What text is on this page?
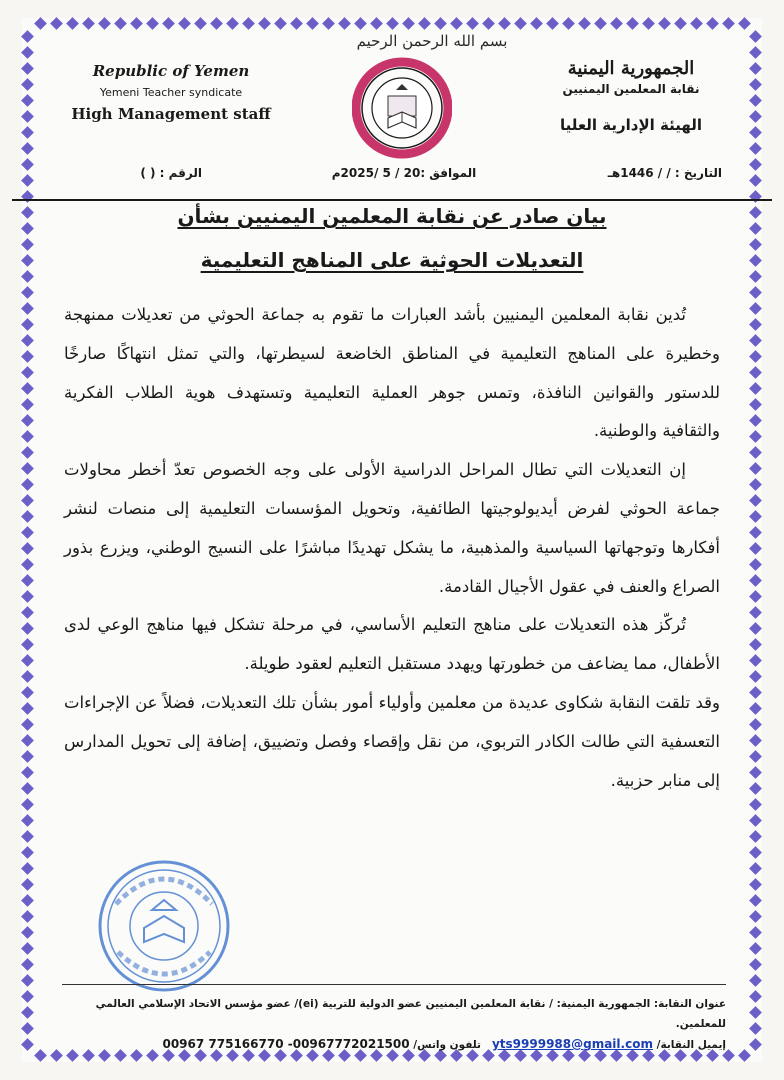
بسم الله الرحمن الرحيم
Republic of Yemen
Yemeni Teacher syndicate
High Management staff
الجمهورية اليمنية
نقابة المعلمين اليمنيين
الهيئة الإدارية العليا
التاريخ : / / 1446هـ
الموافق :20 / 5 /2025م
الرقم : ( )
بيان صادر عن نقابة المعلمين اليمنيين بشأن
التعديلات الحوثية على المناهج التعليمية

تُدين نقابة المعلمين اليمنيين بأشد العبارات ما تقوم به جماعة الحوثي من تعديلات ممنهجة وخطيرة على المناهج التعليمية في المناطق الخاضعة لسيطرتها، والتي تمثل انتهاكًا صارخًا للدستور والقوانين النافذة، وتمس جوهر العملية التعليمية وتستهدف هوية الطلاب الفكرية والثقافية والوطنية.

إن التعديلات التي تطال المراحل الدراسية الأولى على وجه الخصوص تعدّ أخطر محاولات جماعة الحوثي لفرض أيديولوجيتها الطائفية، وتحويل المؤسسات التعليمية إلى منصات لنشر أفكارها وتوجهاتها السياسية والمذهبية، ما يشكل تهديدًا مباشرًا على النسيج الوطني، ويزرع بذور الصراع والعنف في عقول الأجيال القادمة.

تُركّز هذه التعديلات على مناهج التعليم الأساسي، في مرحلة تشكل فيها مناهج الوعي لدى الأطفال، مما يضاعف من خطورتها ويهدد مستقبل التعليم لعقود طويلة.

وقد تلقت النقابة شكاوى عديدة من معلمين وأولياء أمور بشأن تلك التعديلات، فضلاً عن الإجراءات التعسفية التي طالت الكادر التربوي، من نقل وإقصاء وفصل وتضييق، إضافة إلى تحويل المدارس إلى منابر حزبية.

عنوان النقابة: الجمهورية اليمنية: / نقابة المعلمين اليمنيين عضو الدولية للتربية (ei)/ عضو مؤسس الاتحاد الإسلامي العالمي للمعلمين.
إيميل النقابة/ yts9999988@gmail.com   تلفون واتس/ 00967 775166770 -00967772021500
